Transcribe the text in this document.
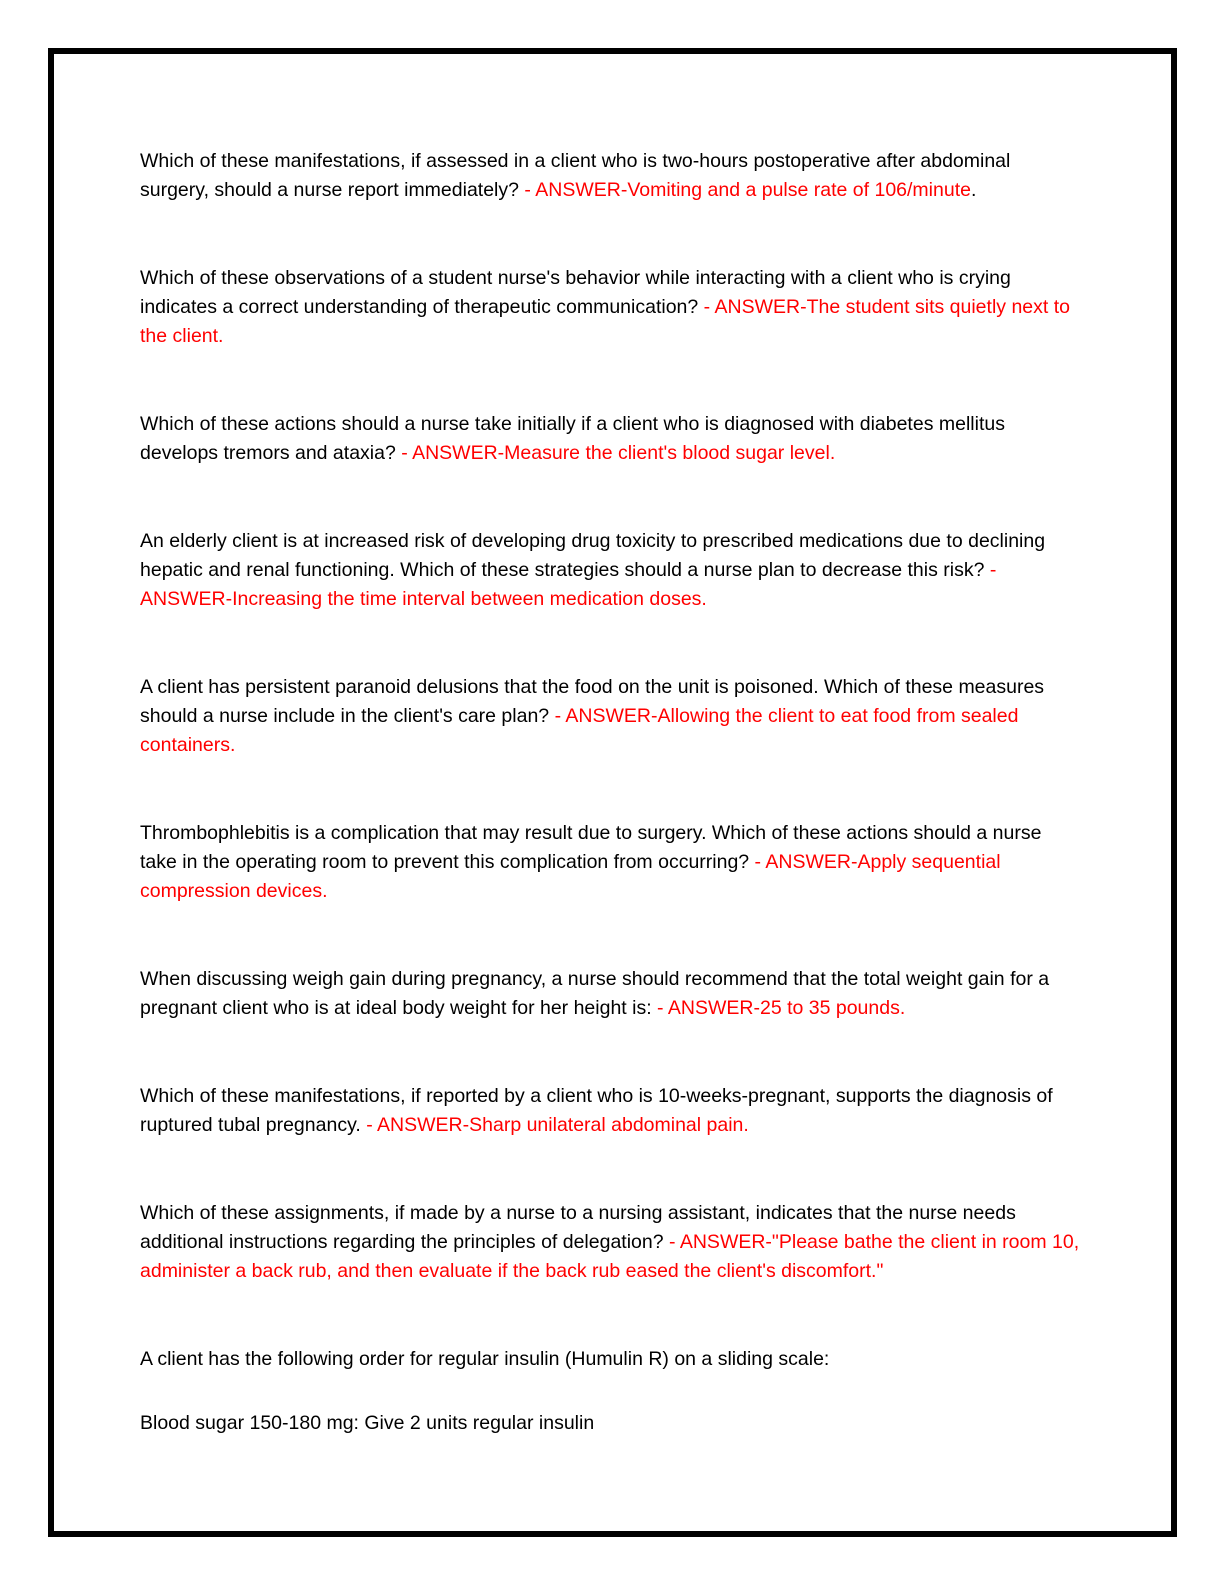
Which of these manifestations, if assessed in a client who is two-hours postoperative after abdominal surgery, should a nurse report immediately? - ANSWER-Vomiting and a pulse rate of 106/minute.

Which of these observations of a student nurse's behavior while interacting with a client who is crying indicates a correct understanding of therapeutic communication? - ANSWER-The student sits quietly next to the client.

Which of these actions should a nurse take initially if a client who is diagnosed with diabetes mellitus develops tremors and ataxia? - ANSWER-Measure the client's blood sugar level.

An elderly client is at increased risk of developing drug toxicity to prescribed medications due to declining hepatic and renal functioning. Which of these strategies should a nurse plan to decrease this risk? - ANSWER-Increasing the time interval between medication doses.

A client has persistent paranoid delusions that the food on the unit is poisoned. Which of these measures should a nurse include in the client's care plan? - ANSWER-Allowing the client to eat food from sealed containers.

Thrombophlebitis is a complication that may result due to surgery. Which of these actions should a nurse take in the operating room to prevent this complication from occurring? - ANSWER-Apply sequential compression devices.

When discussing weigh gain during pregnancy, a nurse should recommend that the total weight gain for a pregnant client who is at ideal body weight for her height is: - ANSWER-25 to 35 pounds.

Which of these manifestations, if reported by a client who is 10-weeks-pregnant, supports the diagnosis of ruptured tubal pregnancy. - ANSWER-Sharp unilateral abdominal pain.

Which of these assignments, if made by a nurse to a nursing assistant, indicates that the nurse needs additional instructions regarding the principles of delegation? - ANSWER-"Please bathe the client in room 10, administer a back rub, and then evaluate if the back rub eased the client's discomfort."

A client has the following order for regular insulin (Humulin R) on a sliding scale:

Blood sugar 150-180 mg: Give 2 units regular insulin
